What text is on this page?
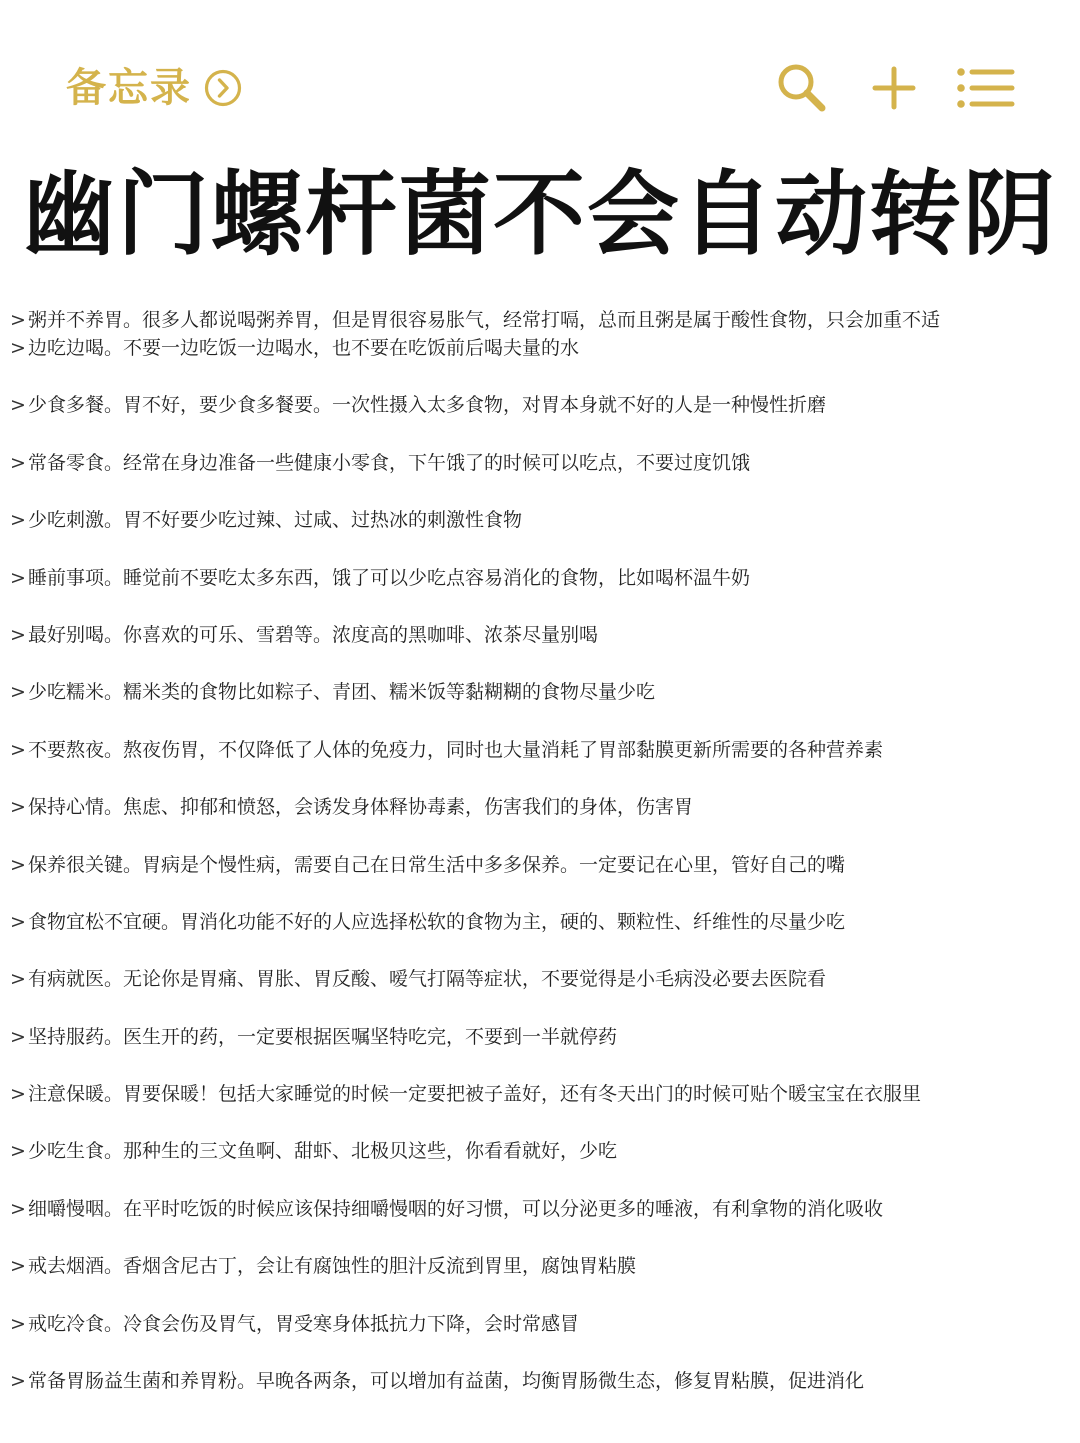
备忘录
幽门螺杆菌不会自动转阴
> 粥并不养胃。很多人都说喝粥养胃，但是胃很容易胀气，经常打嗝，总而且粥是属于酸性食物，只会加重不适
> 边吃边喝。不要一边吃饭一边喝水，也不要在吃饭前后喝夫量的水
> 少食多餐。胃不好，要少食多餐要。一次性摄入太多食物，对胃本身就不好的人是一种慢性折磨
> 常备零食。经常在身边准备一些健康小零食，下午饿了的时候可以吃点，不要过度饥饿
> 少吃刺激。胃不好要少吃过辣、过咸、过热冰的刺激性食物
> 睡前事项。睡觉前不要吃太多东西，饿了可以少吃点容易消化的食物，比如喝杯温牛奶
> 最好别喝。你喜欢的可乐、雪碧等。浓度高的黑咖啡、浓茶尽量别喝
> 少吃糯米。糯米类的食物比如粽子、青团、糯米饭等黏糊糊的食物尽量少吃
> 不要熬夜。熬夜伤胃，不仅降低了人体的免疫力，同时也大量消耗了胃部黏膜更新所需要的各种营养素
> 保持心情。焦虑、抑郁和愤怒，会诱发身体释协毒素，伤害我们的身体，伤害胃
> 保养很关键。胃病是个慢性病，需要自己在日常生活中多多保养。一定要记在心里，管好自己的嘴
> 食物宜松不宜硬。胃消化功能不好的人应选择松软的食物为主，硬的、颗粒性、纤维性的尽量少吃
> 有病就医。无论你是胃痛、胃胀、胃反酸、嗳气打隔等症状，不要觉得是小毛病没必要去医院看
> 坚持服药。医生开的药，一定要根据医嘱坚特吃完，不要到一半就停药
> 注意保暖。胃要保暖！包括大家睡觉的时候一定要把被子盖好，还有冬天出门的时候可贴个暖宝宝在衣服里
> 少吃生食。那种生的三文鱼啊、甜虾、北极贝这些，你看看就好，少吃
> 细嚼慢咽。在平时吃饭的时候应该保持细嚼慢咽的好习惯，可以分泌更多的唾液，有利拿物的消化吸收
> 戒去烟酒。香烟含尼古丁，会让有腐蚀性的胆汁反流到胃里，腐蚀胃粘膜
> 戒吃冷食。冷食会伤及胃气，胃受寒身体抵抗力下降，会时常感冒
> 常备胃肠益生菌和养胃粉。早晚各两条，可以增加有益菌，均衡胃肠微生态，修复胃粘膜，促进消化
